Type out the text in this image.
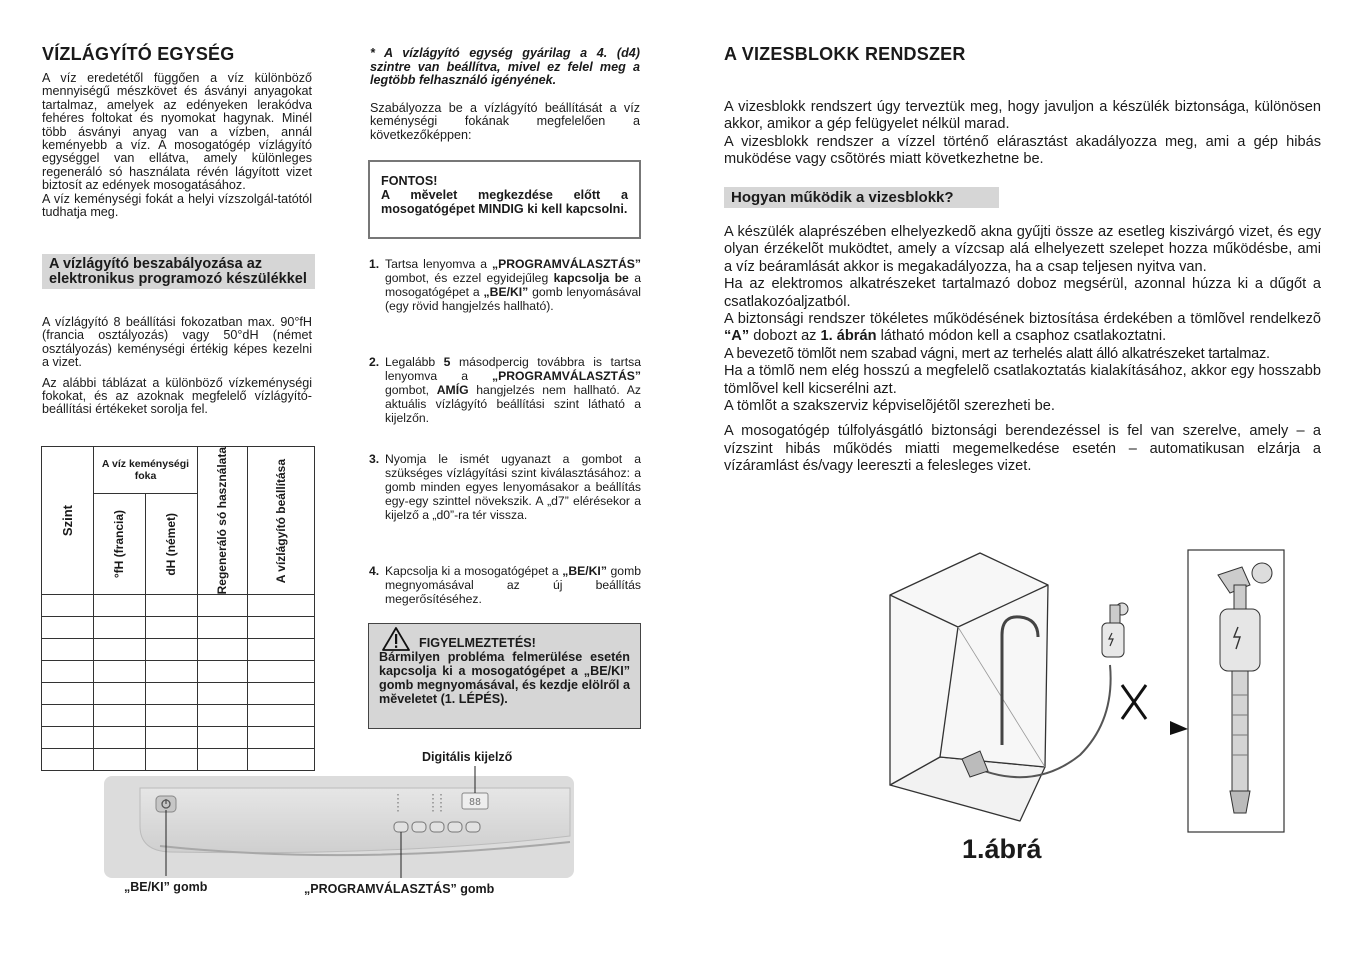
VÍZLÁGYÍTÓ EGYSÉG

A víz eredetétől függően a víz különböző mennyiségű mészkövet és ásványi anyagokat tartalmaz, amelyek az edényeken lerakódva fehéres foltokat és nyomokat hagynak. Minél több ásványi anyag van a vízben, annál keményebb a víz. A mosogatógép vízlágyító egységgel van ellátva, amely különleges regeneráló só használata révén lágyított vizet biztosít az edények mosogatásához.

A víz keménységi fokát a helyi vízszolgál-tatótól tudhatja meg.

A vízlágyító beszabályozása az elektronikus programozó készülékkel

A vízlágyító 8 beállítási fokozatban max. 90°fH (francia osztályozás) vagy 50°dH (német osztályozás) keménységi értékig képes kezelni a vizet.

Az alábbi táblázat a különböző vízkeménységi fokokat, és az azoknak megfelelő vízlágyító-beállítási értékeket sorolja fel.

Szint	A víz keménységi foka		Regeneráló só használata	A vízlágyító beállítása

	°fH (francia)	dH (német)		

* A vízlágyító egység gyárilag a 4. (d4) szintre van beállítva, mivel ez felel meg a legtöbb felhasználó igényének.

Szabályozza be a vízlágyító beállítását a víz keménységi fokának megfelelően a következőképpen:

FONTOS!
A mĕvelet megkezdése előtt a mosogatógépet MINDIG ki kell kapcsolni.
1. Tartsa lenyomva a „PROGRAMVÁLASZTÁS” gombot, és ezzel egyidejűleg kapcsolja be a mosogatógépet a „BE/KI” gomb lenyomásával (egy rövid hangjelzés hallható).
2. Legalább 5 másodpercig továbbra is tartsa lenyomva a „PROGRAMVÁLASZTÁS” gombot, AMÍG hangjelzés nem hallható. Az aktuális vízlágyító beállítási szint látható a kijelzőn.
3. Nyomja le ismét ugyanazt a gombot a szükséges vízlágyítási szint kiválasztásához: a gomb minden egyes lenyomásakor a beállítás egy-egy szinttel növekszik. A „d7” elérésekor a kijelző a „d0”-ra tér vissza.
4. Kapcsolja ki a mosogatógépet a „BE/KI” gomb megnyomásával az új beállítás megerősítéséhez.
FIGYELMEZTETÉS!
Bármilyen probléma felmerülése esetén kapcsolja ki a mosogatógépet a „BE/KI” gomb megnyomásával, és kezdje elölről a mĕveletet (1. LÉPÉS).
Digitális kijelző
88
„BE/KI” gomb	„PROGRAMVÁLASZTÁS” gomb
A VIZESBLOKK RENDSZER

A vizesblokk rendszert úgy terveztük meg, hogy javuljon a készülék biztonsága, különösen akkor, amikor a gép felügyelet nélkül marad.

A vizesblokk rendszer a vízzel történő elárasztást akadályozza meg, ami a gép hibás muködése vagy csõtörés miatt következhetne be.

Hogyan működik a vizesblokk?

A készülék alaprészében elhelyezkedõ akna gyűjti össze az esetleg kiszivárgó vizet, és egy olyan érzékelõt muködtet, amely a vízcsap alá elhelyezett szelepet hozza működésbe, ami a víz beáramlását akkor is megakadályozza, ha a csap teljesen nyitva van.

Ha az elektromos alkatrészeket tartalmazó doboz megsérül, azonnal húzza ki a dűgőt a csatlakozóaljzatból.

A biztonsági rendszer tökéletes működésének biztosítása érdekében a tömlõvel rendelkezõ “A” dobozt az 1. ábrán látható módon kell a csaphoz csatlakoztatni.

A bevezetõ tömlõt nem szabad vágni, mert az terhelés alatt álló alkatrészeket tartalmaz.

Ha a tömlõ nem elég hosszú a megfelelõ csatlakoztatás kialakításához, akkor egy hosszabb tömlõvel kell kicserélni azt.

A tömlõt a szakszerviz képviselõjétõl szerezheti be.

A mosogatógép túlfolyásgátló biztonsági berendezéssel is fel van szerelve, amely – a vízszint hibás működés miatti megemelkedése esetén – automatikusan elzárja a vízáramlást és/vagy leereszti a felesleges vizet.

1.ábrá
